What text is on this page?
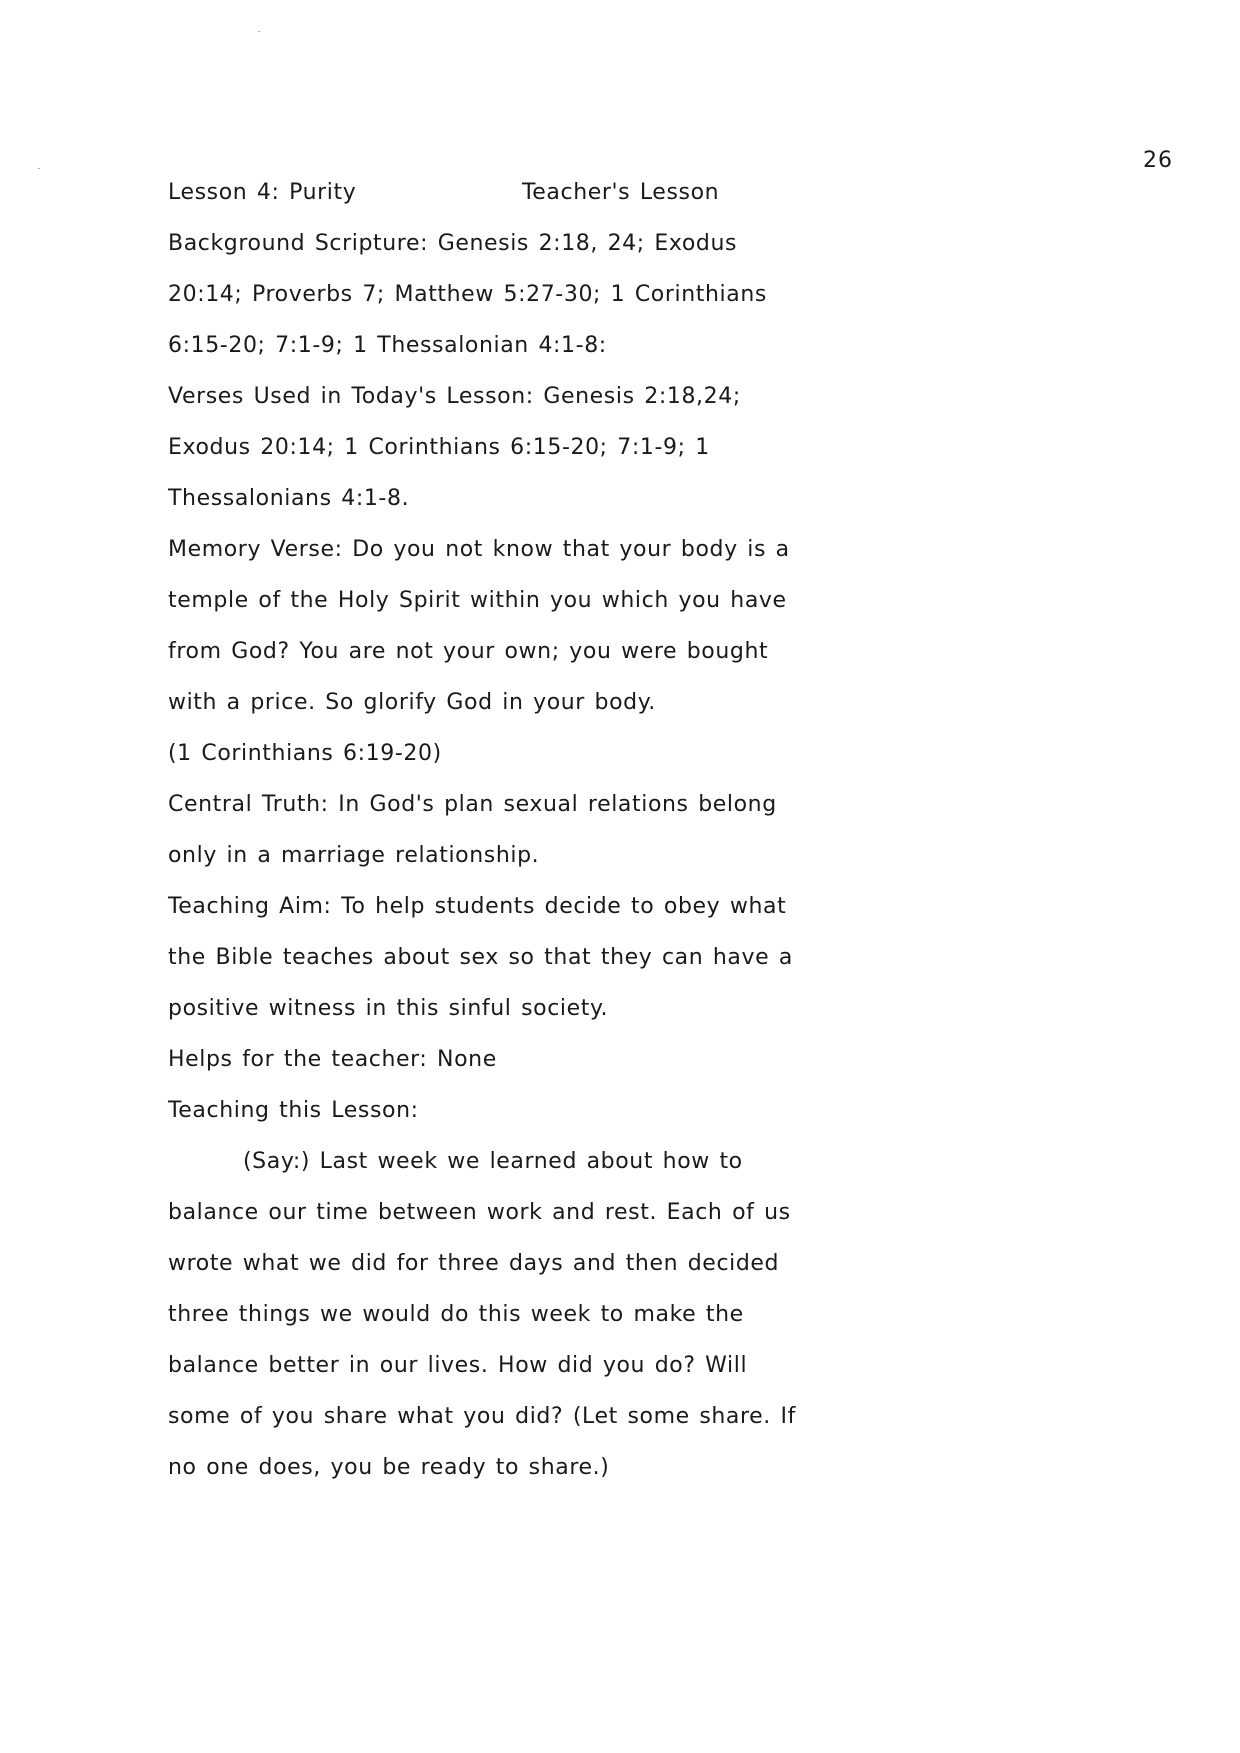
26
Lesson 4: Purity	Teacher's Lesson
Background Scripture: Genesis 2:18, 24; Exodus
20:14; Proverbs 7; Matthew 5:27-30; 1 Corinthians
6:15-20; 7:1-9; 1 Thessalonian 4:1-8:
Verses Used in Today's Lesson: Genesis 2:18,24;
Exodus 20:14; 1 Corinthians 6:15-20; 7:1-9; 1
Thessalonians 4:1-8.
Memory Verse: Do you not know that your body is a
temple of the Holy Spirit within you which you have
from God? You are not your own; you were bought
with a price. So glorify God in your body.
(1 Corinthians 6:19-20)
Central Truth: In God's plan sexual relations belong
only in a marriage relationship.
Teaching Aim: To help students decide to obey what
the Bible teaches about sex so that they can have a
positive witness in this sinful society.
Helps for the teacher: None
Teaching this Lesson:
(Say:) Last week we learned about how to
balance our time between work and rest. Each of us
wrote what we did for three days and then decided
three things we would do this week to make the
balance better in our lives. How did you do? Will
some of you share what you did? (Let some share. If
no one does, you be ready to share.)
